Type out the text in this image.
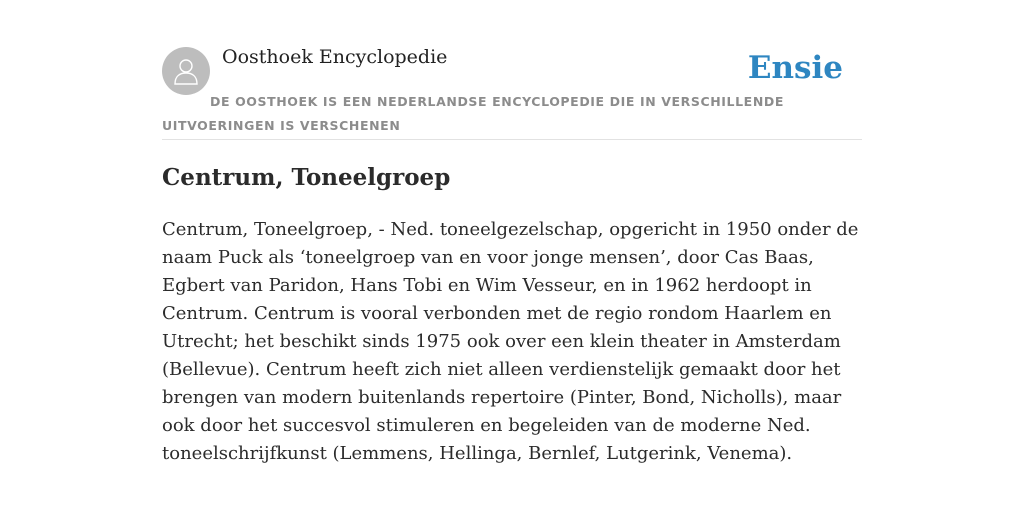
Oosthoek Encyclopedie	Ensie
DE OOSTHOEK IS EEN NEDERLANDSE ENCYCLOPEDIE DIE IN VERSCHILLENDE UITVOERINGEN IS VERSCHENEN
Centrum, Toneelgroep

Centrum, Toneelgroep, - Ned. toneelgezelschap, opgericht in 1950 onder de naam Puck als ‘toneelgroep van en voor jonge mensen’, door Cas Baas, Egbert van Paridon, Hans Tobi en Wim Vesseur, en in 1962 herdoopt in Centrum. Centrum is vooral verbonden met de regio rondom Haarlem en Utrecht; het beschikt sinds 1975 ook over een klein theater in Amsterdam (Bellevue). Centrum heeft zich niet alleen verdienstelijk gemaakt door het brengen van modern buitenlands repertoire (Pinter, Bond, Nicholls), maar ook door het succesvol stimuleren en begeleiden van de moderne Ned. toneelschrijfkunst (Lemmens, Hellinga, Bernlef, Lutgerink, Venema).
